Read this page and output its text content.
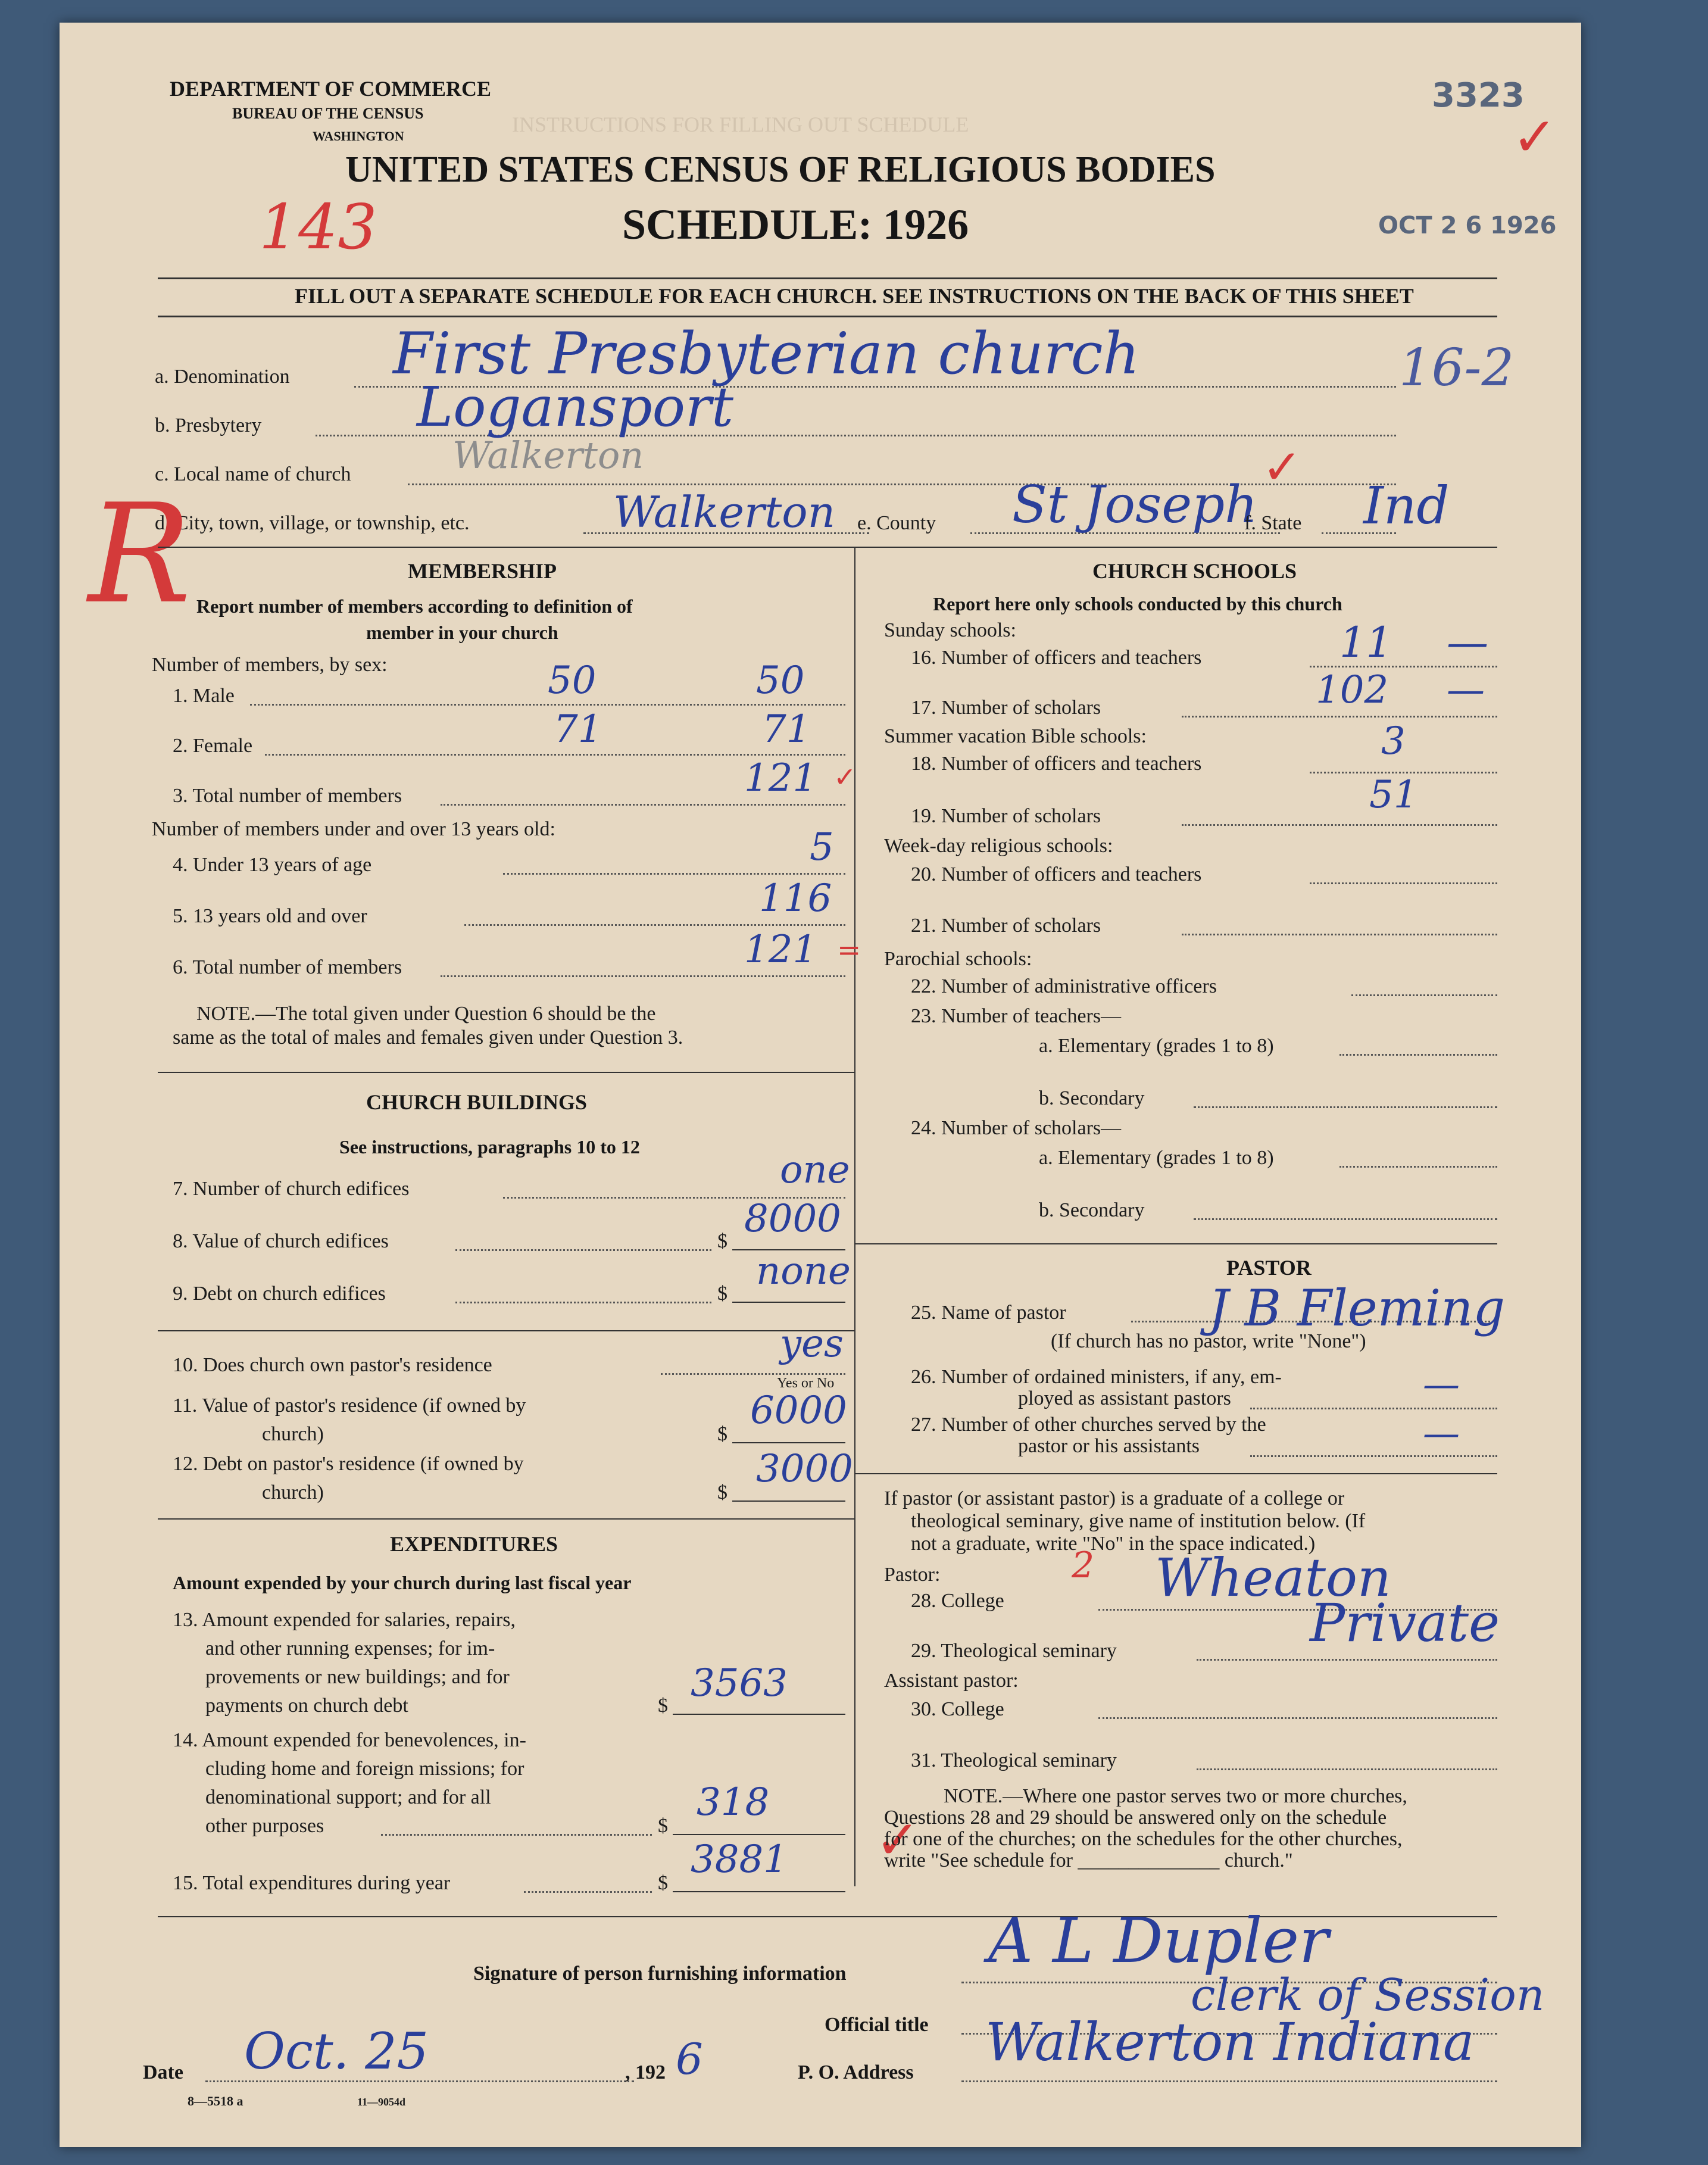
INSTRUCTIONS FOR FILLING OUT SCHEDULE
DEPARTMENT OF COMMERCE
BUREAU OF THE CENSUS
WASHINGTON
3323
✓
UNITED STATES CENSUS OF RELIGIOUS BODIES
SCHEDULE: 1926
143	OCT 2 6 1926
FILL OUT A SEPARATE SCHEDULE FOR EACH CHURCH. SEE INSTRUCTIONS ON THE BACK OF THIS SHEET
a. Denomination First Presbyterian church	16-2
b. Presbytery	Logansport
c. Local name of church	Walkerton
d. City, town, village, or township, etc.	Walkerton e. County St Joseph
✓
f. State Ind
R	MEMBERSHIP
Report number of members according to definition of
member in your church
Number of members, by sex:
1. Male	50	50
2. Female	71	71
3. Total number of members	121 ✓
Number of members under and over 13 years old:
4. Under 13 years of age	5
5. 13 years old and over	116
6. Total number of members	121 =
NOTE.—The total given under Question 6 should be the
same as the total of males and females given under Question 3.
CHURCH BUILDINGS
See instructions, paragraphs 10 to 12
7. Number of church edifices	one
8. Value of church edifices	$
8000
9. Debt on church edifices	$
none
10. Does church own pastor's residence	yes
Yes or No
11. Value of pastor's residence (if owned by
church)	$
6000
12. Debt on pastor's residence (if owned by
church)	$
3000
EXPENDITURES
Amount expended by your church during last fiscal year
13. Amount expended for salaries, repairs,
and other running expenses; for im-
provements or new buildings; and for
payments on church debt	$
3563
14. Amount expended for benevolences, in-
cluding home and foreign missions; for
denominational support; and for all
other purposes	$
318
15. Total expenditures during year	$
3881 ✓
CHURCH SCHOOLS
Report here only schools conducted by this church
Sunday schools:
16. Number of officers and teachers	11 —
17. Number of scholars	102 —
Summer vacation Bible schools:
18. Number of officers and teachers
3
19. Number of scholars	51
Week-day religious schools:
20. Number of officers and teachers
21. Number of scholars
Parochial schools:
22. Number of administrative officers
23. Number of teachers—
a. Elementary (grades 1 to 8)
b. Secondary
24. Number of scholars—
a. Elementary (grades 1 to 8)
b. Secondary
PASTOR
25. Name of pastor	J B Fleming
(If church has no pastor, write "None")
26. Number of ordained ministers, if any, em-
ployed as assistant pastors	—
27. Number of other churches served by the
pastor or his assistants	—
If pastor (or assistant pastor) is a graduate of a college or
theological seminary, give name of institution below. (If
not a graduate, write "No" in the space indicated.)
Pastor:	2
28. College	Wheaton
29. Theological seminary	Private
Assistant pastor:
30. College
31. Theological seminary
NOTE.—Where one pastor serves two or more churches,
Questions 28 and 29 should be answered only on the schedule
for one of the churches; on the schedules for the other churches,
write "See schedule for ______________ church."
Signature of person furnishing information A L Dupler
Official title
clerk of Session
Date Oct. 25	, 192 6	P. O. Address Walkerton Indiana
8—5518 a	11—9054d
